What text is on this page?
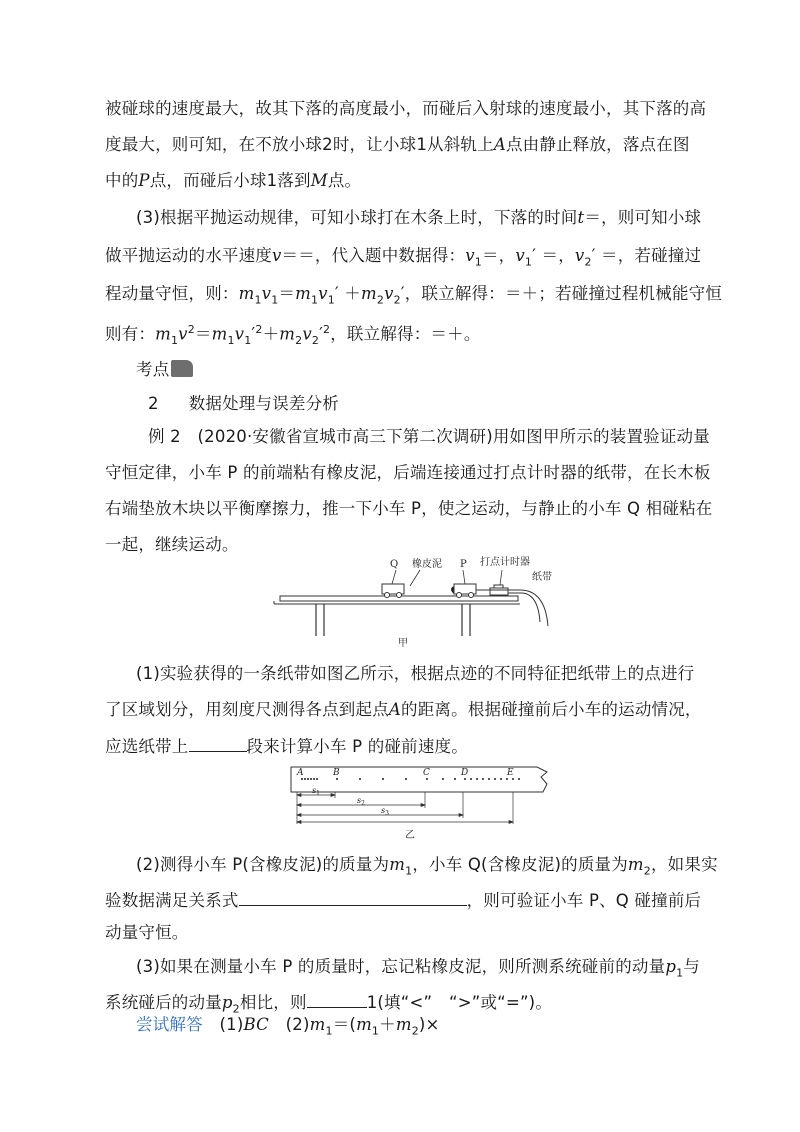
被碰球的速度最大，故其下落的高度最小，而碰后入射球的速度最小，其下落的高
度最大，则可知，在不放小球2时，让小球1从斜轨上A点由静止释放，落点在图
中的P点，而碰后小球1落到M点。
(3)根据平抛运动规律，可知小球打在木条上时，下落的时间t＝，则可知小球
做平抛运动的水平速度v＝＝，代入题中数据得：$v_1=$，$v_1'$ ＝，$v_2'$ ＝，若碰撞过
程动量守恒，则：$m_1v_1=m_1v_1' +m_2v_2'$，联立解得：＝＋；若碰撞过程机械能守恒
则有：$m_1v^2=m_1v_1'^2+m_2v_2'^2$，联立解得：＝＋。
考点
2 数据处理与误差分析
例 2　(2020·安徽省宣城市高三下第二次调研)用如图甲所示的装置验证动量
守恒定律，小车 P 的前端粘有橡皮泥，后端连接通过打点计时器的纸带，在长木板
右端垫放木块以平衡摩擦力，推一下小车 P，使之运动，与静止的小车 Q 相碰粘在
一起，继续运动。
Q 橡皮泥 P 打点计时器
纸带
甲
(1)实验获得的一条纸带如图乙所示，根据点迹的不同特征把纸带上的点进行
了区域划分，用刻度尺测得各点到起点A的距离。根据碰撞前后小车的运动情况，
应选纸带上	段来计算小车 P 的碰前速度。
A	B	C	D	E
$s_1$
$s_2$
$s_3$
乙
(2)测得小车 P(含橡皮泥)的质量为$m_1$，小车 Q(含橡皮泥)的质量为$m_2$，如果实
验数据满足关系式	，则可验证小车 P、Q 碰撞前后
动量守恒。
(3)如果在测量小车 P 的质量时，忘记粘橡皮泥，则所测系统碰前的动量$p_1$与
系统碰后的动量$p_2$相比，则	1(填“<”　“>”或“=”)。
尝试解答　(1)BC　$(2)m_1=(m_1+m_2)\times$
